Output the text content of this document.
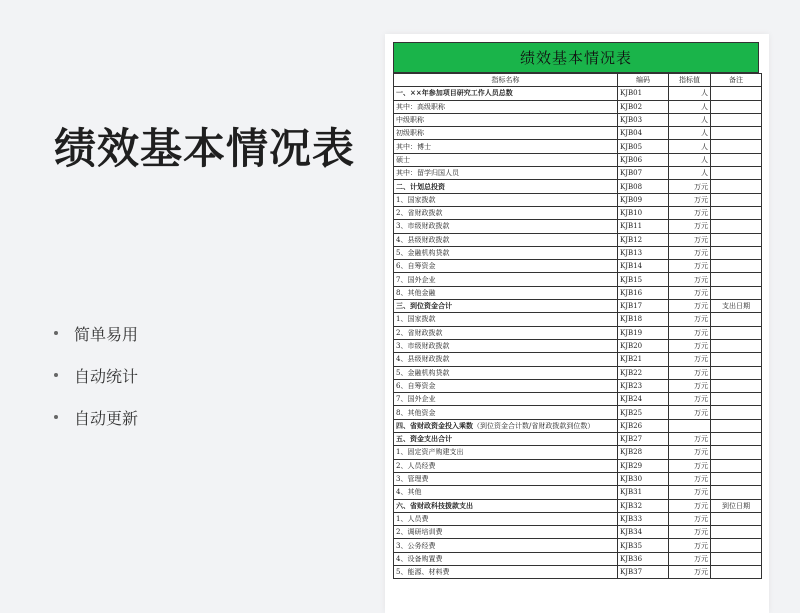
绩效基本情况表
简单易用
自动统计
自动更新
绩效基本情况表
指标名称	编码	指标值	备注
一、××年参加项目研究工作人员总数	KJB01	人	
其中：高级职称	KJB02	人	
中级职称	KJB03	人	
初级职称	KJB04	人	
其中：博士	KJB05	人	
硕士	KJB06	人	
其中：留学归国人员	KJB07	人	
二、计划总投资	KJB08	万元	
1、国家拨款	KJB09	万元	
2、省财政拨款	KJB10	万元	
3、市级财政拨款	KJB11	万元	
4、县级财政拨款	KJB12	万元	
5、金融机构贷款	KJB13	万元	
6、自筹资金	KJB14	万元	
7、国外企业	KJB15	万元	
8、其他金融	KJB16	万元	
三、到位资金合计	KJB17	万元	支出日期
1、国家拨款	KJB18	万元	
2、省财政拨款	KJB19	万元	
3、市级财政拨款	KJB20	万元	
4、县级财政拨款	KJB21	万元	
5、金融机构贷款	KJB22	万元	
6、自筹资金	KJB23	万元	
7、国外企业	KJB24	万元	
8、其他资金	KJB25	万元	
四、省财政资金投入乘数（到位资金合计数/省财政拨款到位数）	KJB26		
五、资金支出合计	KJB27	万元	
1、固定资产购建支出	KJB28	万元	
2、人员经费	KJB29	万元	
3、管理费	KJB30	万元	
4、其他	KJB31	万元	
六、省财政科技拨款支出	KJB32	万元	到位日期
1、人员费	KJB33	万元	
2、调研培训费	KJB34	万元	
3、公务经费	KJB35	万元	
4、设备购置费	KJB36	万元	
5、能源、材料费	KJB37	万元	
